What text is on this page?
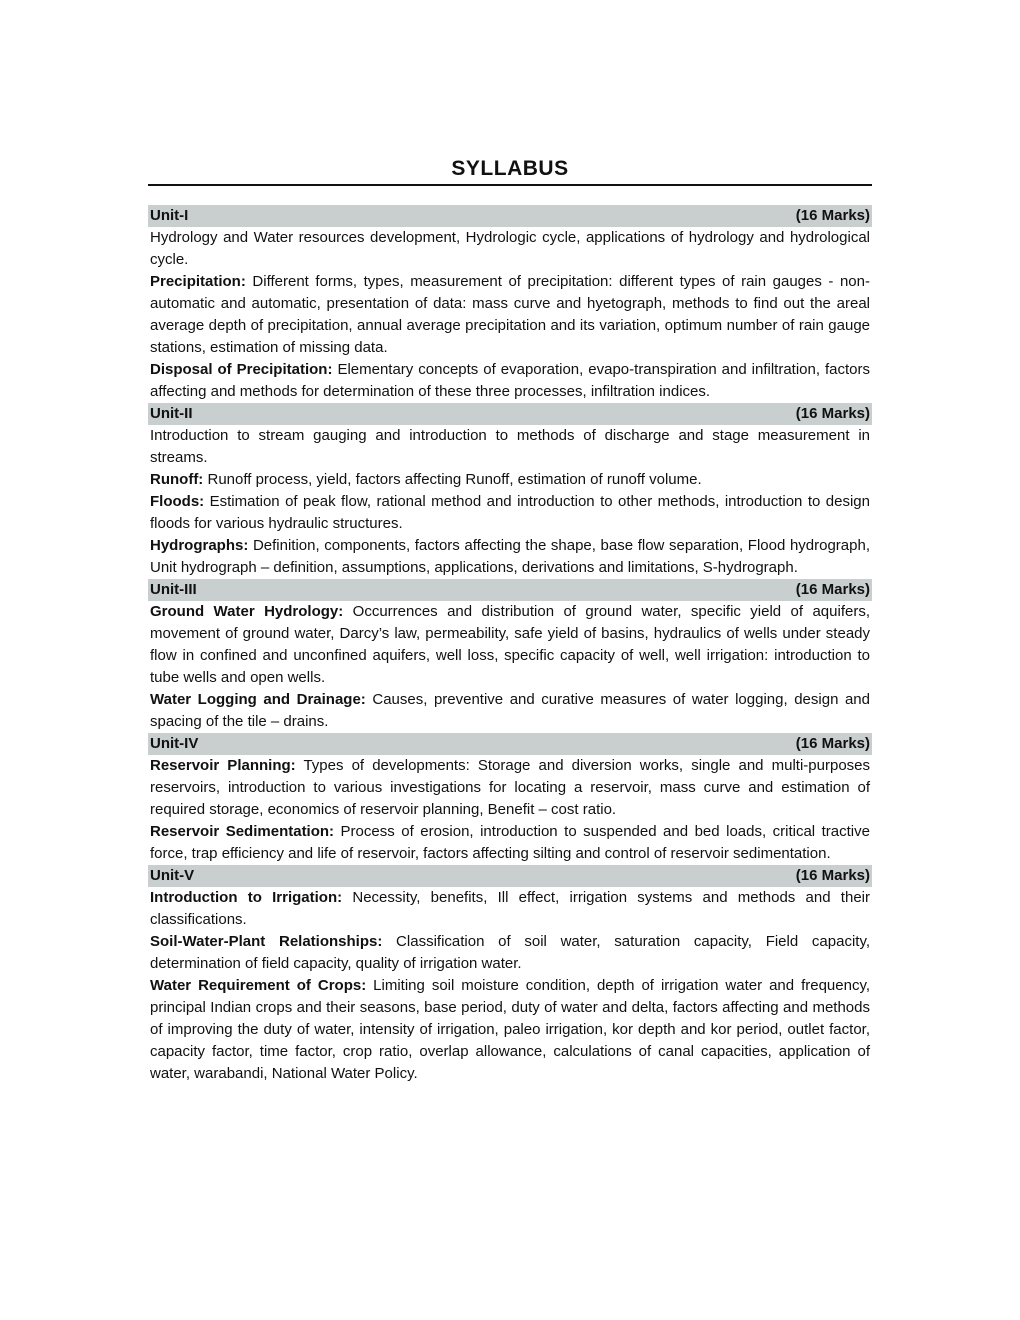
SYLLABUS
Unit-I	(16 Marks)

Hydrology and Water resources development, Hydrologic cycle, applications of hydrology and hydrological cycle.

Precipitation: Different forms, types, measurement of precipitation: different types of rain gauges - non-automatic and automatic, presentation of data: mass curve and hyetograph, methods to find out the areal average depth of precipitation, annual average precipitation and its variation, optimum number of rain gauge stations, estimation of missing data.

Disposal of Precipitation: Elementary concepts of evaporation, evapo-transpiration and infiltration, factors affecting and methods for determination of these three processes, infiltration indices.

Unit-II	(16 Marks)

Introduction to stream gauging and introduction to methods of discharge and stage measurement in streams.

Runoff: Runoff process, yield, factors affecting Runoff, estimation of runoff volume.

Floods: Estimation of peak flow, rational method and introduction to other methods, introduction to design floods for various hydraulic structures.

Hydrographs: Definition, components, factors affecting the shape, base flow separation, Flood hydrograph, Unit hydrograph – definition, assumptions, applications, derivations and limitations, S-hydrograph.

Unit-III	(16 Marks)

Ground Water Hydrology: Occurrences and distribution of ground water, specific yield of aquifers, movement of ground water, Darcy’s law, permeability, safe yield of basins, hydraulics of wells under steady flow in confined and unconfined aquifers, well loss, specific capacity of well, well irrigation: introduction to tube wells and open wells.

Water Logging and Drainage: Causes, preventive and curative measures of water logging, design and spacing of the tile – drains.

Unit-IV	(16 Marks)

Reservoir Planning: Types of developments: Storage and diversion works, single and multi-purposes reservoirs, introduction to various investigations for locating a reservoir, mass curve and estimation of required storage, economics of reservoir planning, Benefit – cost ratio.

Reservoir Sedimentation: Process of erosion, introduction to suspended and bed loads, critical tractive force, trap efficiency and life of reservoir, factors affecting silting and control of reservoir sedimentation.

Unit-V	(16 Marks)

Introduction to Irrigation: Necessity, benefits, Ill effect, irrigation systems and methods and their classifications.

Soil-Water-Plant Relationships: Classification of soil water, saturation capacity, Field capacity, determination of field capacity, quality of irrigation water.

Water Requirement of Crops: Limiting soil moisture condition, depth of irrigation water and frequency, principal Indian crops and their seasons, base period, duty of water and delta, factors affecting and methods of improving the duty of water, intensity of irrigation, paleo irrigation, kor depth and kor period, outlet factor, capacity factor, time factor, crop ratio, overlap allowance, calculations of canal capacities, application of water, warabandi, National Water Policy.
